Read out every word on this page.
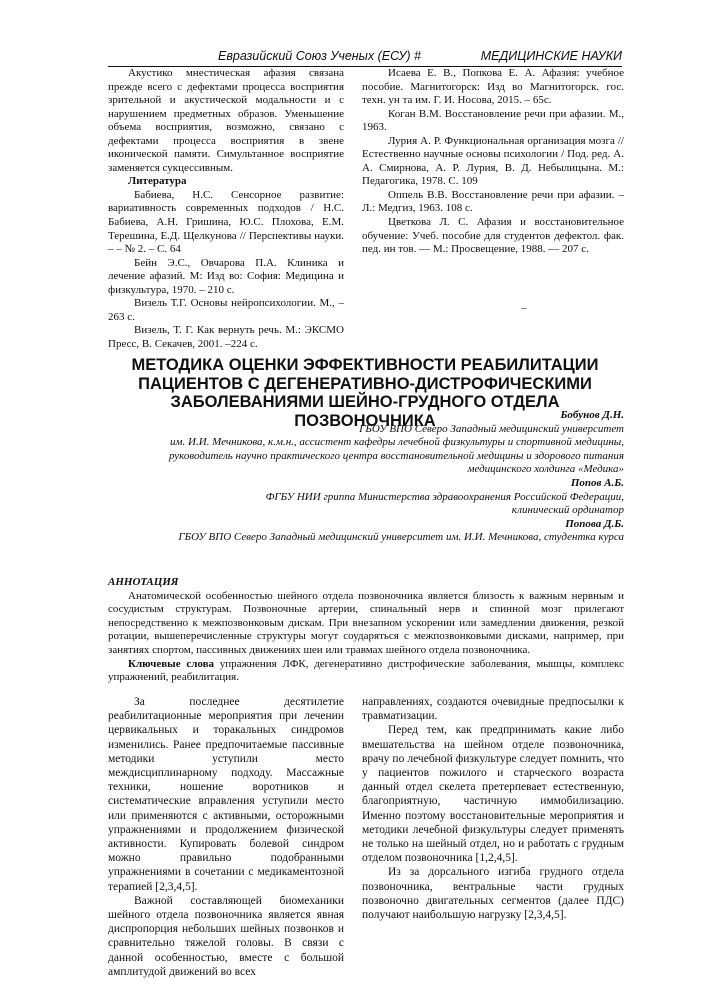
Евразийский Союз Ученых (ЕСУ) #	МЕДИЦИНСКИЕ НАУКИ

Акустико мнестическая афазия связана прежде всего с дефектами процесса восприятия зрительной и акустической модальности и с нарушением предметных образов. Уменьшение объема восприятия, возможно, связано с дефектами процесса восприятия в звене иконической памяти. Симультанное восприятие заменяется сукцессивным.

Литература

Бабиева, Н.С. Сенсорное развитие: вариативность современных подходов / Н.С. Бабиева, А.Н. Гришина, Ю.С. Плохова, Е.М. Терешина, Е.Д. Щелкунова // Перспективы науки. – – № 2. – С. 64

Бейн Э.С., Овчарова П.А. Клиника и лечение афазий. М: Изд во: София: Медицина и физкультура, 1970. – 210 с.

Визель Т.Г. Основы нейропсихологии. М., – 263 с.

Визель, Т. Г. Как вернуть речь. М.: ЭКСМО Пресс, В. Секачев, 2001. –224 с.

Исаева Е. В., Попкова Е. А. Афазия: учебное пособие. Магнитогорск: Изд во Магнитогорск. гос. техн. ун та им. Г. И. Носова, 2015. – 65с.

Коган В.М. Восстановление речи при афазии. М., 1963.

Лурия А. Р. Функциональная организация мозга // Естественно научные основы психологии / Под. ред. А. А. Смирнова, А. Р. Лурия, В. Д. Небылицына. М.: Педагогика, 1978. С. 109

Оппель В.В. Восстановление речи при афазии. – Л.: Медгиз, 1963. 108 с.

Цветкова Л. С. Афазия и восстановительное обучение: Учеб. пособие для студентов дефектол. фак. пед. ин тов. — М.: Просвещение, 1988. — 207 с.

–
МЕТОДИКА ОЦЕНКИ ЭФФЕКТИВНОСТИ РЕАБИЛИТАЦИИ
ПАЦИЕНТОВ С ДЕГЕНЕРАТИВНО-ДИСТРОФИЧЕСКИМИ
ЗАБОЛЕВАНИЯМИ ШЕЙНО-ГРУДНОГО ОТДЕЛА ПОЗВОНОЧНИКА	Бобунов Д.Н.
ГБОУ ВПО Северо Западный медицинский университет
им. И.И. Мечникова, к.м.н., ассистент кафедры лечебной физкультуры и спортивной медицины,
руководитель научно практического центра восстановительной медицины и здорового питания
медицинского холдинга «Медика»
Попов А.Б.
ФГБУ НИИ гриппа Министерства здравоохранения Российской Федерации,
клинический ординатор
Попова Д.Б.
ГБОУ ВПО Северо Западный медицинский университет им. И.И. Мечникова, студентка курса

АННОТАЦИЯ

Анатомической особенностью шейного отдела позвоночника является близость к важным нервным и сосудистым структурам. Позвоночные артерии, спинальный нерв и спинной мозг прилегают непосредственно к межпозвонковым дискам. При внезапном ускорении или замедлении движения, резкой ротации, вышеперечисленные структуры могут соударяться с межпозвонковыми дисками, например, при занятиях спортом, пассивных движениях шеи или травмах шейного отдела позвоночника.

Ключевые слова упражнения ЛФК, дегенеративно дистрофические заболевания, мышцы, комплекс упражнений, реабилитация.

За последнее десятилетие реабилитационные мероприятия при лечении цервикальных и торакальных синдромов изменились. Ранее предпочитаемые пассивные методики уступили место междисциплинарному подходу. Массажные техники, ношение воротников и систематические вправления уступили место или применяются с активными, осторожными упражнениями и продолжением физической активности. Купировать болевой синдром можно правильно подобранными упражнениями в сочетании с медикаментозной терапией [2,3,4,5].

Важной составляющей биомеханики шейного отдела позвоночника является явная диспропорция небольших шейных позвонков и сравнительно тяжелой головы. В связи с данной особенностью, вместе с большой амплитудой движений во всех

направлениях, создаются очевидные предпосылки к травматизации.

Перед тем, как предпринимать какие либо вмешательства на шейном отделе позвоночника, врачу по лечебной физкультуре следует помнить, что у пациентов пожилого и старческого возраста данный отдел скелета претерпевает естественную, благоприятную, частичную иммобилизацию. Именно поэтому восстановительные мероприятия и методики лечебной физкультуры следует применять не только на шейный отдел, но и работать с грудным отделом позвоночника [1,2,4,5].

Из за дорсального изгиба грудного отдела позвоночника, вентральные части грудных позвоночно двигательных сегментов (далее ПДС) получают наибольшую нагрузку [2,3,4,5].
